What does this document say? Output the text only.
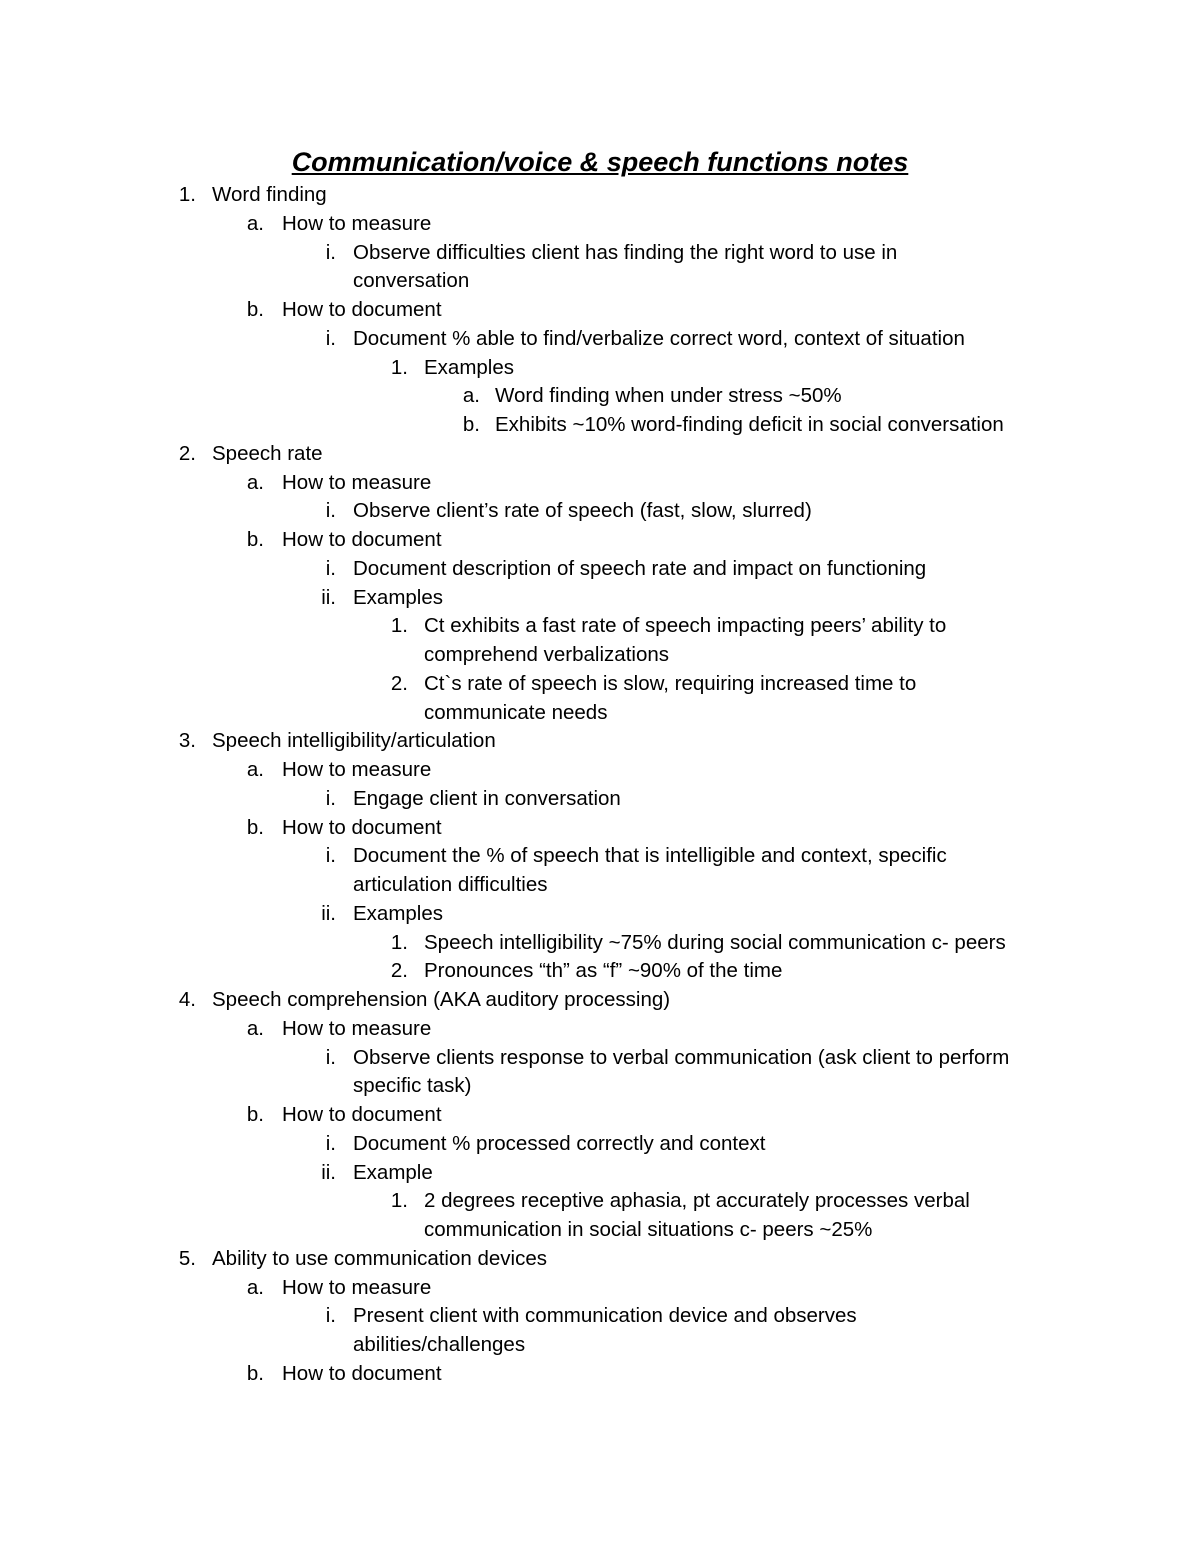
Communication/voice & speech functions notes
1. Word finding
a. How to measure
i. Observe difficulties client has finding the right word to use in
conversation
b. How to document
i. Document % able to find/verbalize correct word, context of situation
1. Examples
a. Word finding when under stress ~50%
b. Exhibits ~10% word-finding deficit in social conversation
2. Speech rate
a. How to measure
i. Observe client’s rate of speech (fast, slow, slurred)
b. How to document
i. Document description of speech rate and impact on functioning
ii. Examples
1. Ct exhibits a fast rate of speech impacting peers’ ability to
comprehend verbalizations
2. Ct`s rate of speech is slow, requiring increased time to
communicate needs
3. Speech intelligibility/articulation
a. How to measure
i. Engage client in conversation
b. How to document
i. Document the % of speech that is intelligible and context, specific
articulation difficulties
ii. Examples
1. Speech intelligibility ~75% during social communication c- peers
2. Pronounces “th” as “f” ~90% of the time
4. Speech comprehension (AKA auditory processing)
a. How to measure
i. Observe clients response to verbal communication (ask client to perform
specific task)
b. How to document
i. Document % processed correctly and context
ii. Example
1. 2 degrees receptive aphasia, pt accurately processes verbal
communication in social situations c- peers ~25%
5. Ability to use communication devices
a. How to measure
i. Present client with communication device and observes
abilities/challenges
b. How to document
